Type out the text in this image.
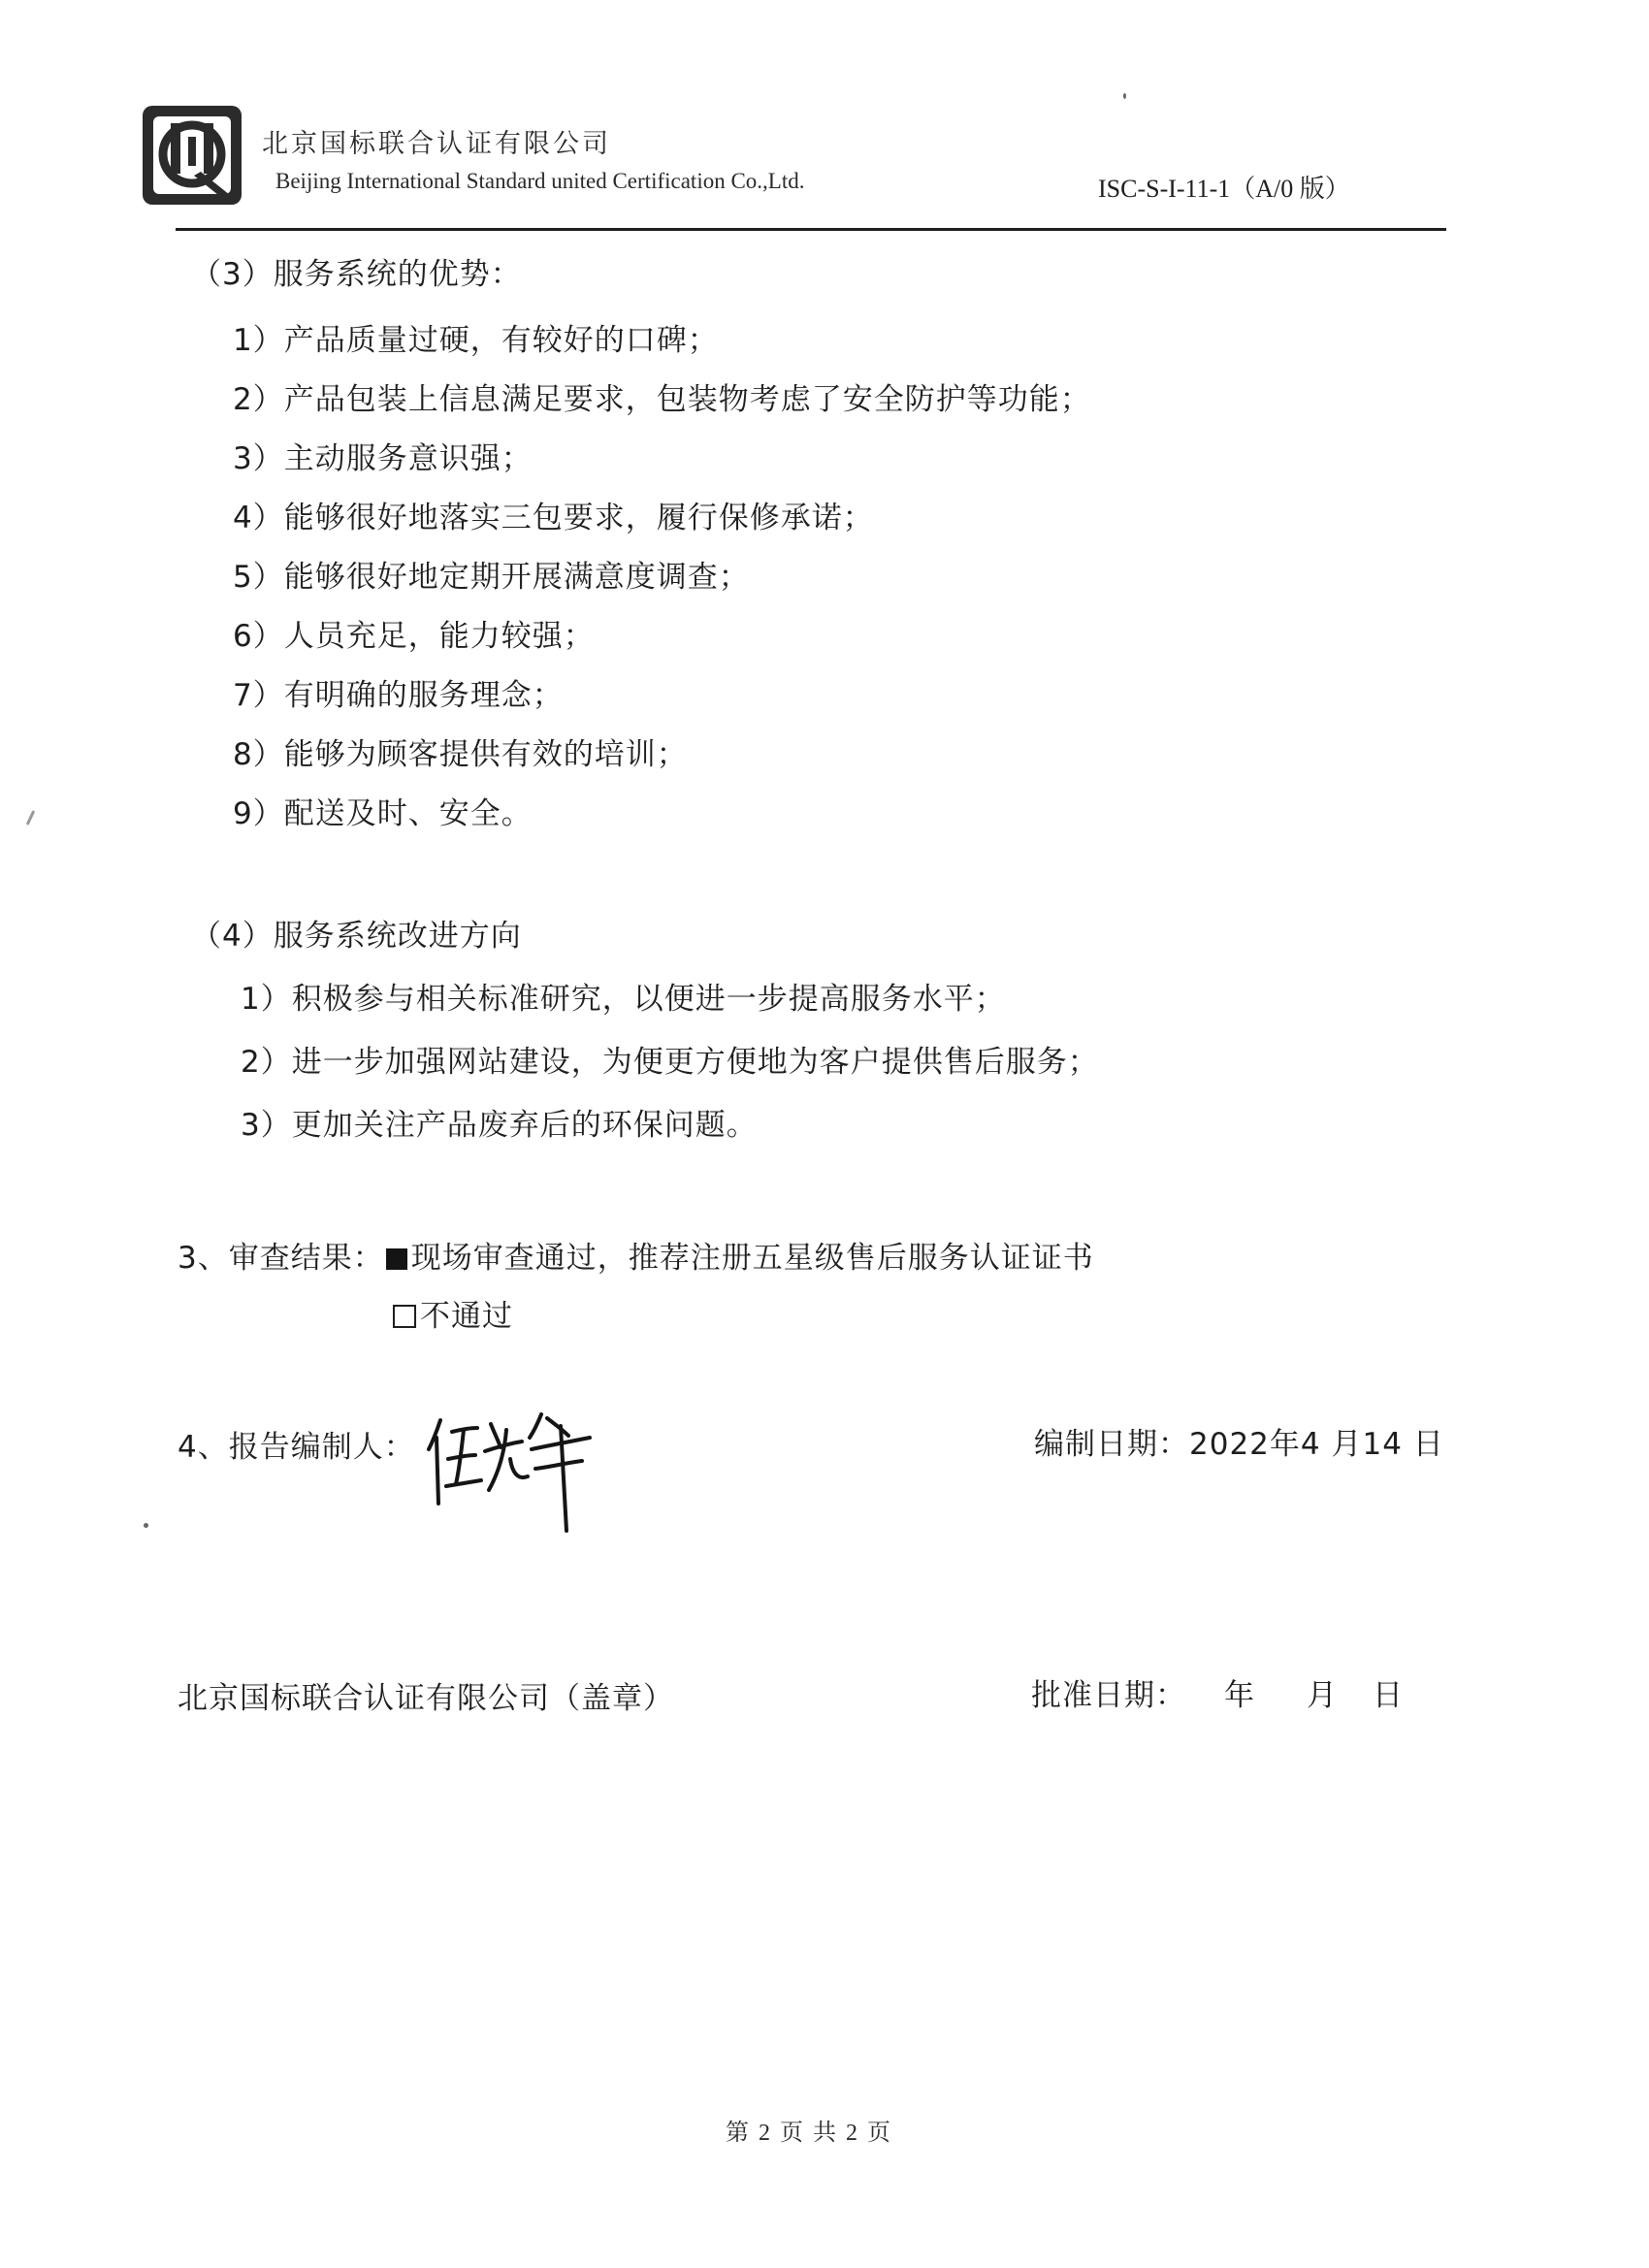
北京国标联合认证有限公司
Beijing International Standard united Certification Co.,Ltd.	ISC-S-I-11-1（A/0 版）
（3）服务系统的优势：
1）产品质量过硬，有较好的口碑；
2）产品包装上信息满足要求，包装物考虑了安全防护等功能；
3）主动服务意识强；
4）能够很好地落实三包要求，履行保修承诺；
5）能够很好地定期开展满意度调查；
6）人员充足，能力较强；
7）有明确的服务理念；
8）能够为顾客提供有效的培训；
9）配送及时、安全。
（4）服务系统改进方向
1）积极参与相关标准研究，以便进一步提高服务水平；
2）进一步加强网站建设，为便更方便地为客户提供售后服务；
3）更加关注产品废弃后的环保问题。
3、审查结果： 现场审查通过，推荐注册五星级售后服务认证证书
不通过
4、报告编制人：	编制日期：2022年4 月14 日
北京国标联合认证有限公司（盖章）	批准日期： 年 月 日
第 2 页 共 2 页
